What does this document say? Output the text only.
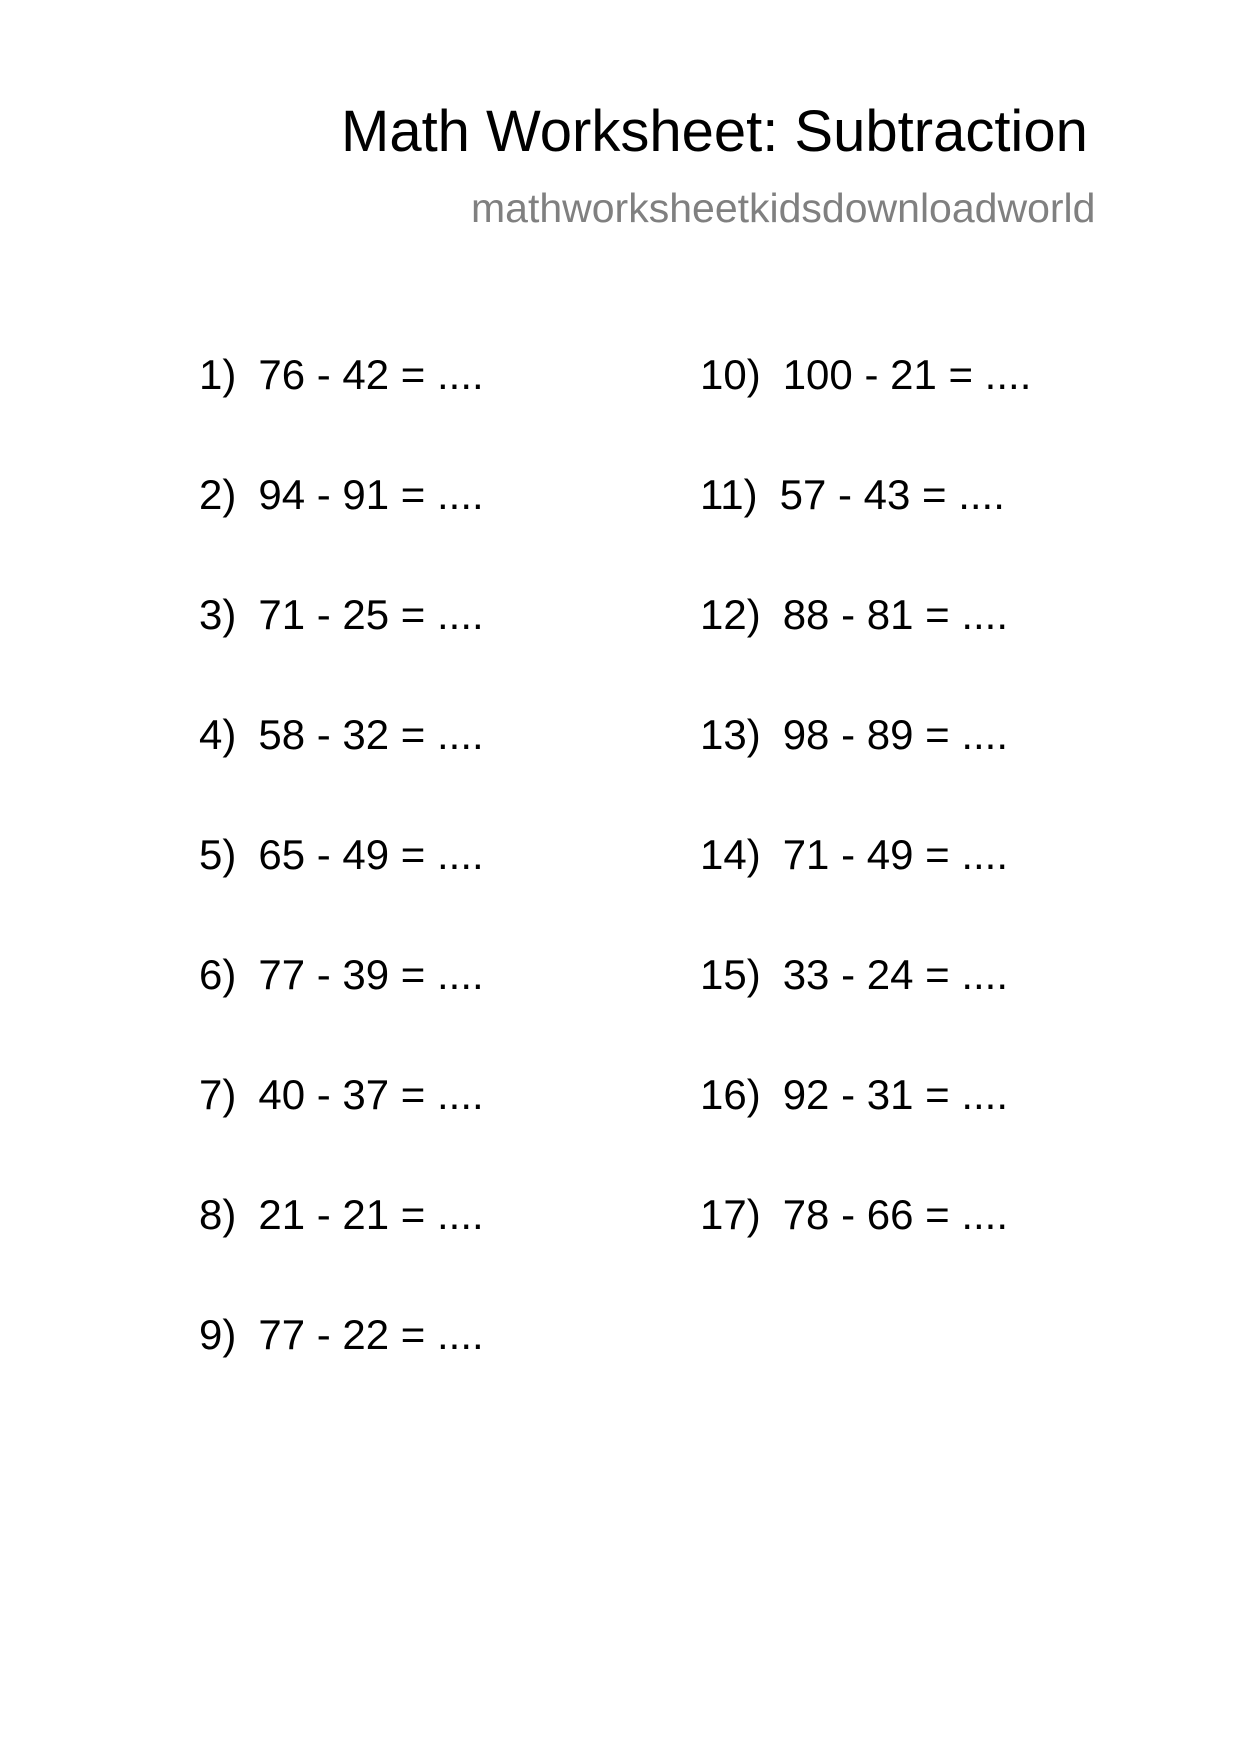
Math Worksheet: Subtraction
mathworksheetkidsdownloadworld
1) 76 - 42 = ....
2) 94 - 91 = ....
3) 71 - 25 = ....
4) 58 - 32 = ....
5) 65 - 49 = ....
6) 77 - 39 = ....
7) 40 - 37 = ....
8) 21 - 21 = ....
9) 77 - 22 = ....
10) 100 - 21 = ....
11) 57 - 43 = ....
12) 88 - 81 = ....
13) 98 - 89 = ....
14) 71 - 49 = ....
15) 33 - 24 = ....
16) 92 - 31 = ....
17) 78 - 66 = ....
